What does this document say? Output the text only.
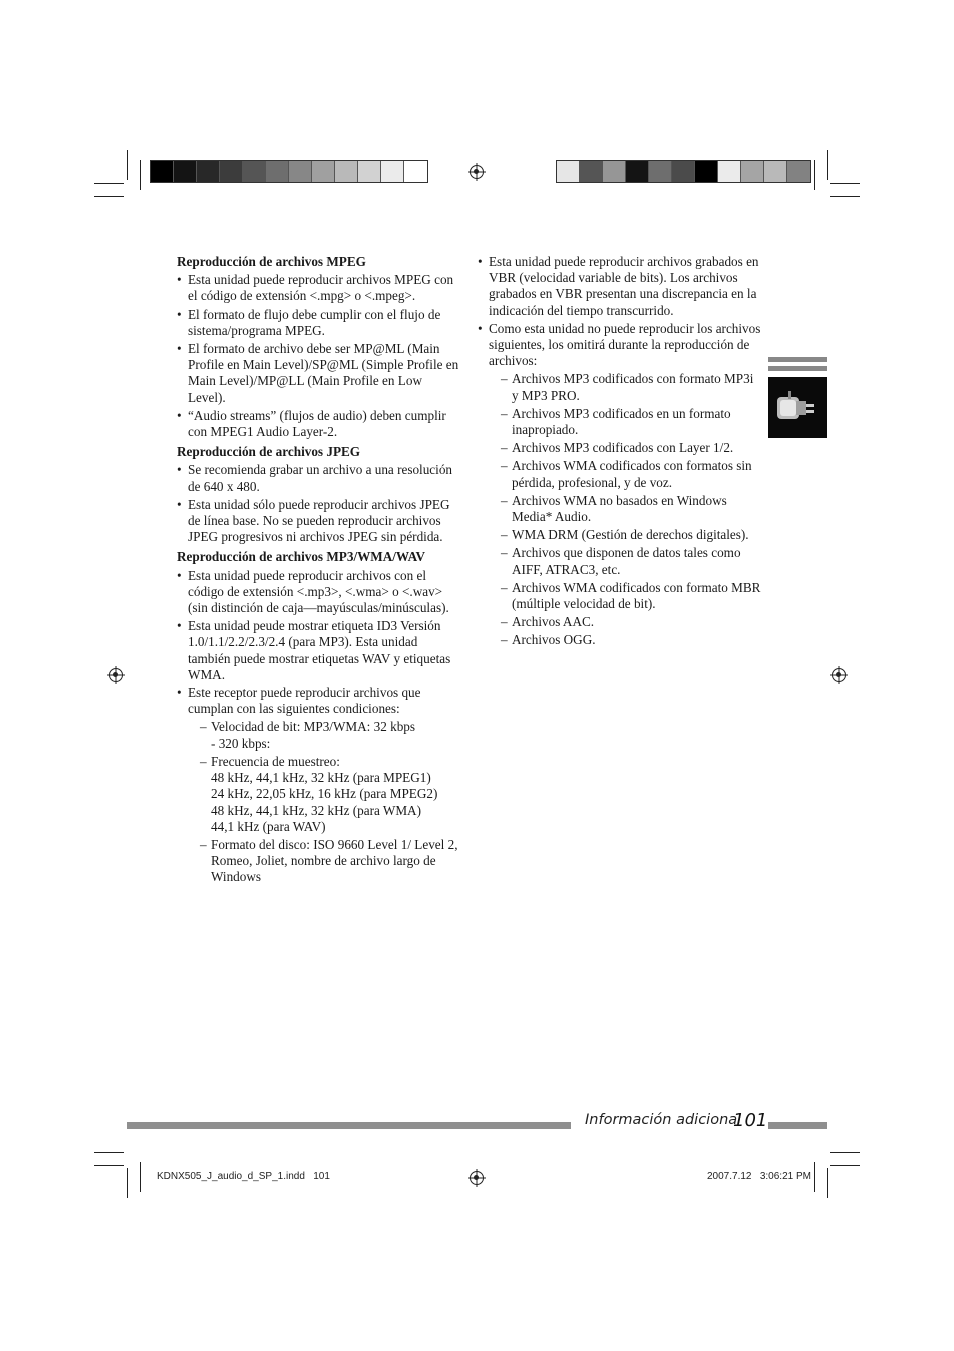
Reproducción de archivos MPEG
• Esta unidad puede reproducir archivos MPEG con el código de extensión <.mpg> o <.mpeg>.
• El formato de flujo debe cumplir con el flujo de sistema/programa MPEG.
• El formato de archivo debe ser MP@ML (Main Profile en Main Level)/SP@ML (Simple Profile en Main Level)/MP@LL (Main Profile en Low Level).
• “Audio streams” (flujos de audio) deben cumplir con MPEG1 Audio Layer-2.
Reproducción de archivos JPEG
• Se recomienda grabar un archivo a una resolución de 640 x 480.
• Esta unidad sólo puede reproducir archivos JPEG de línea base. No se pueden reproducir archivos JPEG progresivos ni archivos JPEG sin pérdida.
Reproducción de archivos MP3/WMA/WAV
• Esta unidad puede reproducir archivos con el código de extensión <.mp3>, <.wma> o <.wav> (sin distinción de caja—mayúsculas/minúsculas).
• Esta unidad peude mostrar etiqueta ID3 Versión 1.0/1.1/2.2/2.3/2.4 (para MP3). Esta unidad también puede mostrar etiquetas WAV y etiquetas WMA.
• Este receptor puede reproducir archivos que cumplan con las siguientes condiciones:
– Velocidad de bit: MP3/WMA: 32 kbps
- 320 kbps:
– Frecuencia de muestreo:
48 kHz, 44,1 kHz, 32 kHz (para MPEG1)
24 kHz, 22,05 kHz, 16 kHz (para MPEG2)
48 kHz, 44,1 kHz, 32 kHz (para WMA)
44,1 kHz (para WAV)
– Formato del disco: ISO 9660 Level 1/ Level 2, Romeo, Joliet, nombre de archivo largo de Windows
• Esta unidad puede reproducir archivos grabados en VBR (velocidad variable de bits). Los archivos grabados en VBR presentan una discrepancia en la indicación del tiempo transcurrido.
• Como esta unidad no puede reproducir los archivos siguientes, los omitirá durante la reproducción de archivos:
– Archivos MP3 codificados con formato MP3i y MP3 PRO.
– Archivos MP3 codificados en un formato inapropiado.
– Archivos MP3 codificados con Layer 1/2.
– Archivos WMA codificados con formatos sin pérdida, profesional, y de voz.
– Archivos WMA no basados en Windows Media* Audio.
– WMA DRM (Gestión de derechos digitales).
– Archivos que disponen de datos tales como AIFF, ATRAC3, etc.
– Archivos WMA codificados con formato MBR (múltiple velocidad de bit).
– Archivos AAC.
– Archivos OGG.
Información adicional
101
KDNX505_J_audio_d_SP_1.indd   101	2007.7.12   3:06:21 PM
